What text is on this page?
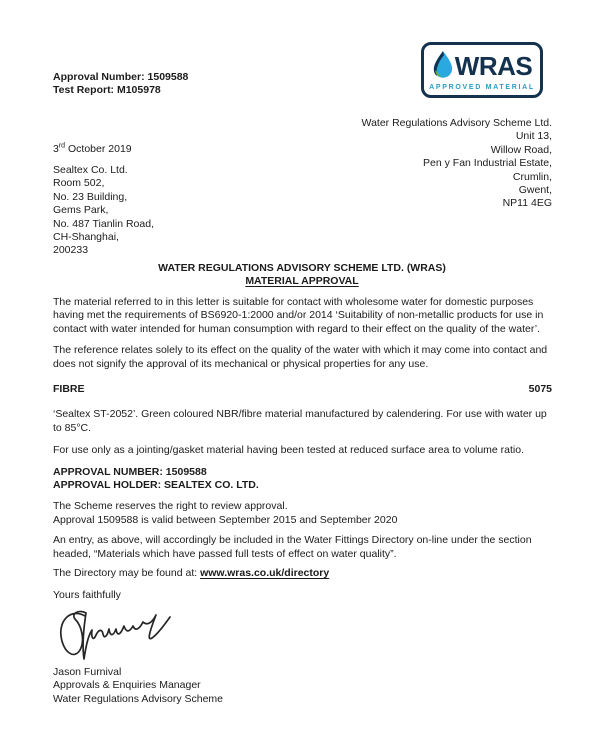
Approval Number: 1509588
Test Report: M105978
WRAS
APPROVED MATERIAL
Water Regulations Advisory Scheme Ltd.
Unit 13,
Willow Road,
Pen y Fan Industrial Estate,
Crumlin,
Gwent,
NP11 4EG
3rd October 2019
Sealtex Co. Ltd.
Room 502,
No. 23 Building,
Gems Park,
No. 487 Tianlin Road,
CH-Shanghai,
200233
WATER REGULATIONS ADVISORY SCHEME LTD. (WRAS)
MATERIAL APPROVAL

The material referred to in this letter is suitable for contact with wholesome water for domestic purposes having met the requirements of BS6920-1:2000 and/or 2014 ‘Suitability of non-metallic products for use in contact with water intended for human consumption with regard to their effect on the quality of the water’.

The reference relates solely to its effect on the quality of the water with which it may come into contact and does not signify the approval of its mechanical or physical properties for any use.

FIBRE	5075

‘Sealtex ST-2052’. Green coloured NBR/fibre material manufactured by calendering. For use with water up to 85°C.

For use only as a jointing/gasket material having been tested at reduced surface area to volume ratio.

APPROVAL NUMBER: 1509588
APPROVAL HOLDER: SEALTEX CO. LTD.
The Scheme reserves the right to review approval.
Approval 1509588 is valid between September 2015 and September 2020

An entry, as above, will accordingly be included in the Water Fittings Directory on-line under the section headed, “Materials which have passed full tests of effect on water quality”.

The Directory may be found at: www.wras.co.uk/directory

Yours faithfully

Jason Furnival
Approvals & Enquiries Manager
Water Regulations Advisory Scheme
